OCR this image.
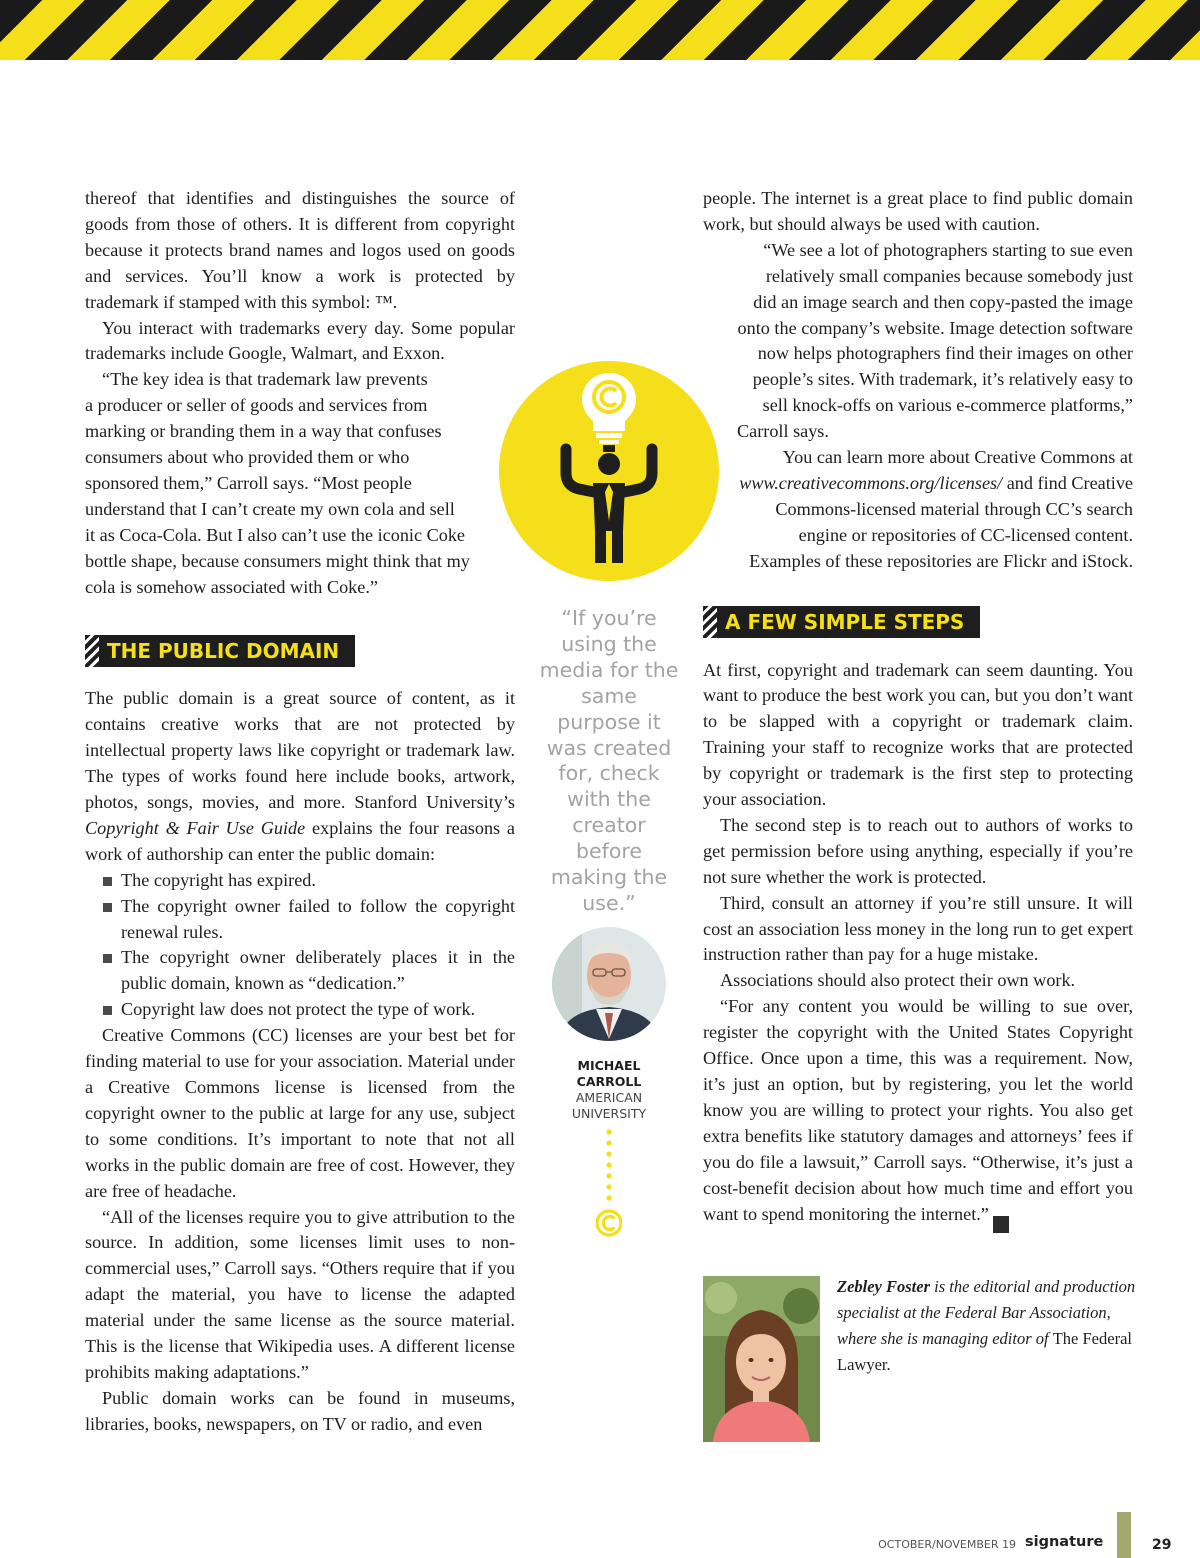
thereof that identifies and distinguishes the source of goods from those of others. It is different from copyright because it protects brand names and logos used on goods and services. You’ll know a work is protected by trademark if stamped with this symbol: ™.

You interact with trademarks every day. Some popular trademarks include Google, Walmart, and Exxon.

“The key idea is that trademark law prevents
a producer or seller of goods and services from
marking or branding them in a way that confuses
consumers about who provided them or who
sponsored them,” Carroll says. “Most people
understand that I can’t create my own cola and sell
it as Coca-Cola. But I also can’t use the iconic Coke
bottle shape, because consumers might think that my
cola is somehow associated with Coke.”
THE PUBLIC DOMAIN

The public domain is a great source of content, as it contains creative works that are not protected by intellectual property laws like copyright or trademark law. The types of works found here include books, artwork, photos, songs, movies, and more. Stanford University’s Copyright & Fair Use Guide explains the four reasons a work of authorship can enter the public domain:

The copyright has expired.
The copyright owner failed to follow the copyright renewal rules.
The copyright owner deliberately places it in the public domain, known as “dedication.”
Copyright law does not protect the type of work.

Creative Commons (CC) licenses are your best bet for finding material to use for your association. Material under a Creative Commons license is licensed from the copyright owner to the public at large for any use, subject to some conditions. It’s important to note that not all works in the public domain are free of cost. However, they are free of headache.

“All of the licenses require you to give attribution to the source. In addition, some licenses limit uses to non-commercial uses,” Carroll says. “Others require that if you adapt the material, you have to license the adapted material under the same license as the source material. This is the license that Wikipedia uses. A different license prohibits making adaptations.”

Public domain works can be found in museums, libraries, books, newspapers, on TV or radio, and even

“If you’re using the media for the same purpose it was created for, check with the creator before making the use.”
MICHAEL
CARROLL
AMERICAN
UNIVERSITY

people. The internet is a great place to find public domain work, but should always be used with caution.

“We see a lot of photographers starting to sue even
relatively small companies because somebody just
did an image search and then copy-pasted the image
onto the company’s website. Image detection software
now helps photographers find their images on other
people’s sites. With trademark, it’s relatively easy to
sell knock-offs on various e-commerce platforms,”
Carroll says.
You can learn more about Creative Commons at
www.creativecommons.org/licenses/ and find Creative
Commons-licensed material through CC’s search
engine or repositories of CC-licensed content.
Examples of these repositories are Flickr and iStock.
A FEW SIMPLE STEPS

At first, copyright and trademark can seem daunting. You want to produce the best work you can, but you don’t want to be slapped with a copyright or trademark claim. Training your staff to recognize works that are protected by copyright or trademark is the first step to protecting your association.

The second step is to reach out to authors of works to get permission before using anything, especially if you’re not sure whether the work is protected.

Third, consult an attorney if you’re still unsure. It will cost an association less money in the long run to get expert instruction rather than pay for a huge mistake.

Associations should also protect their own work.

“For any content you would be willing to sue over, register the copyright with the United States Copyright Office. Once upon a time, this was a requirement. Now, it’s just an option, but by registering, you let the world know you are willing to protect your rights. You also get extra benefits like statutory damages and attorneys’ fees if you do file a lawsuit,” Carroll says. “Otherwise, it’s just a cost-benefit decision about how much time and effort you want to spend monitoring the internet.”	AM&P

Zebley Foster is the editorial and production specialist at the Federal Bar Association, where she is managing editor of The Federal Lawyer.
OCTOBER/NOVEMBER 19 signature	29
